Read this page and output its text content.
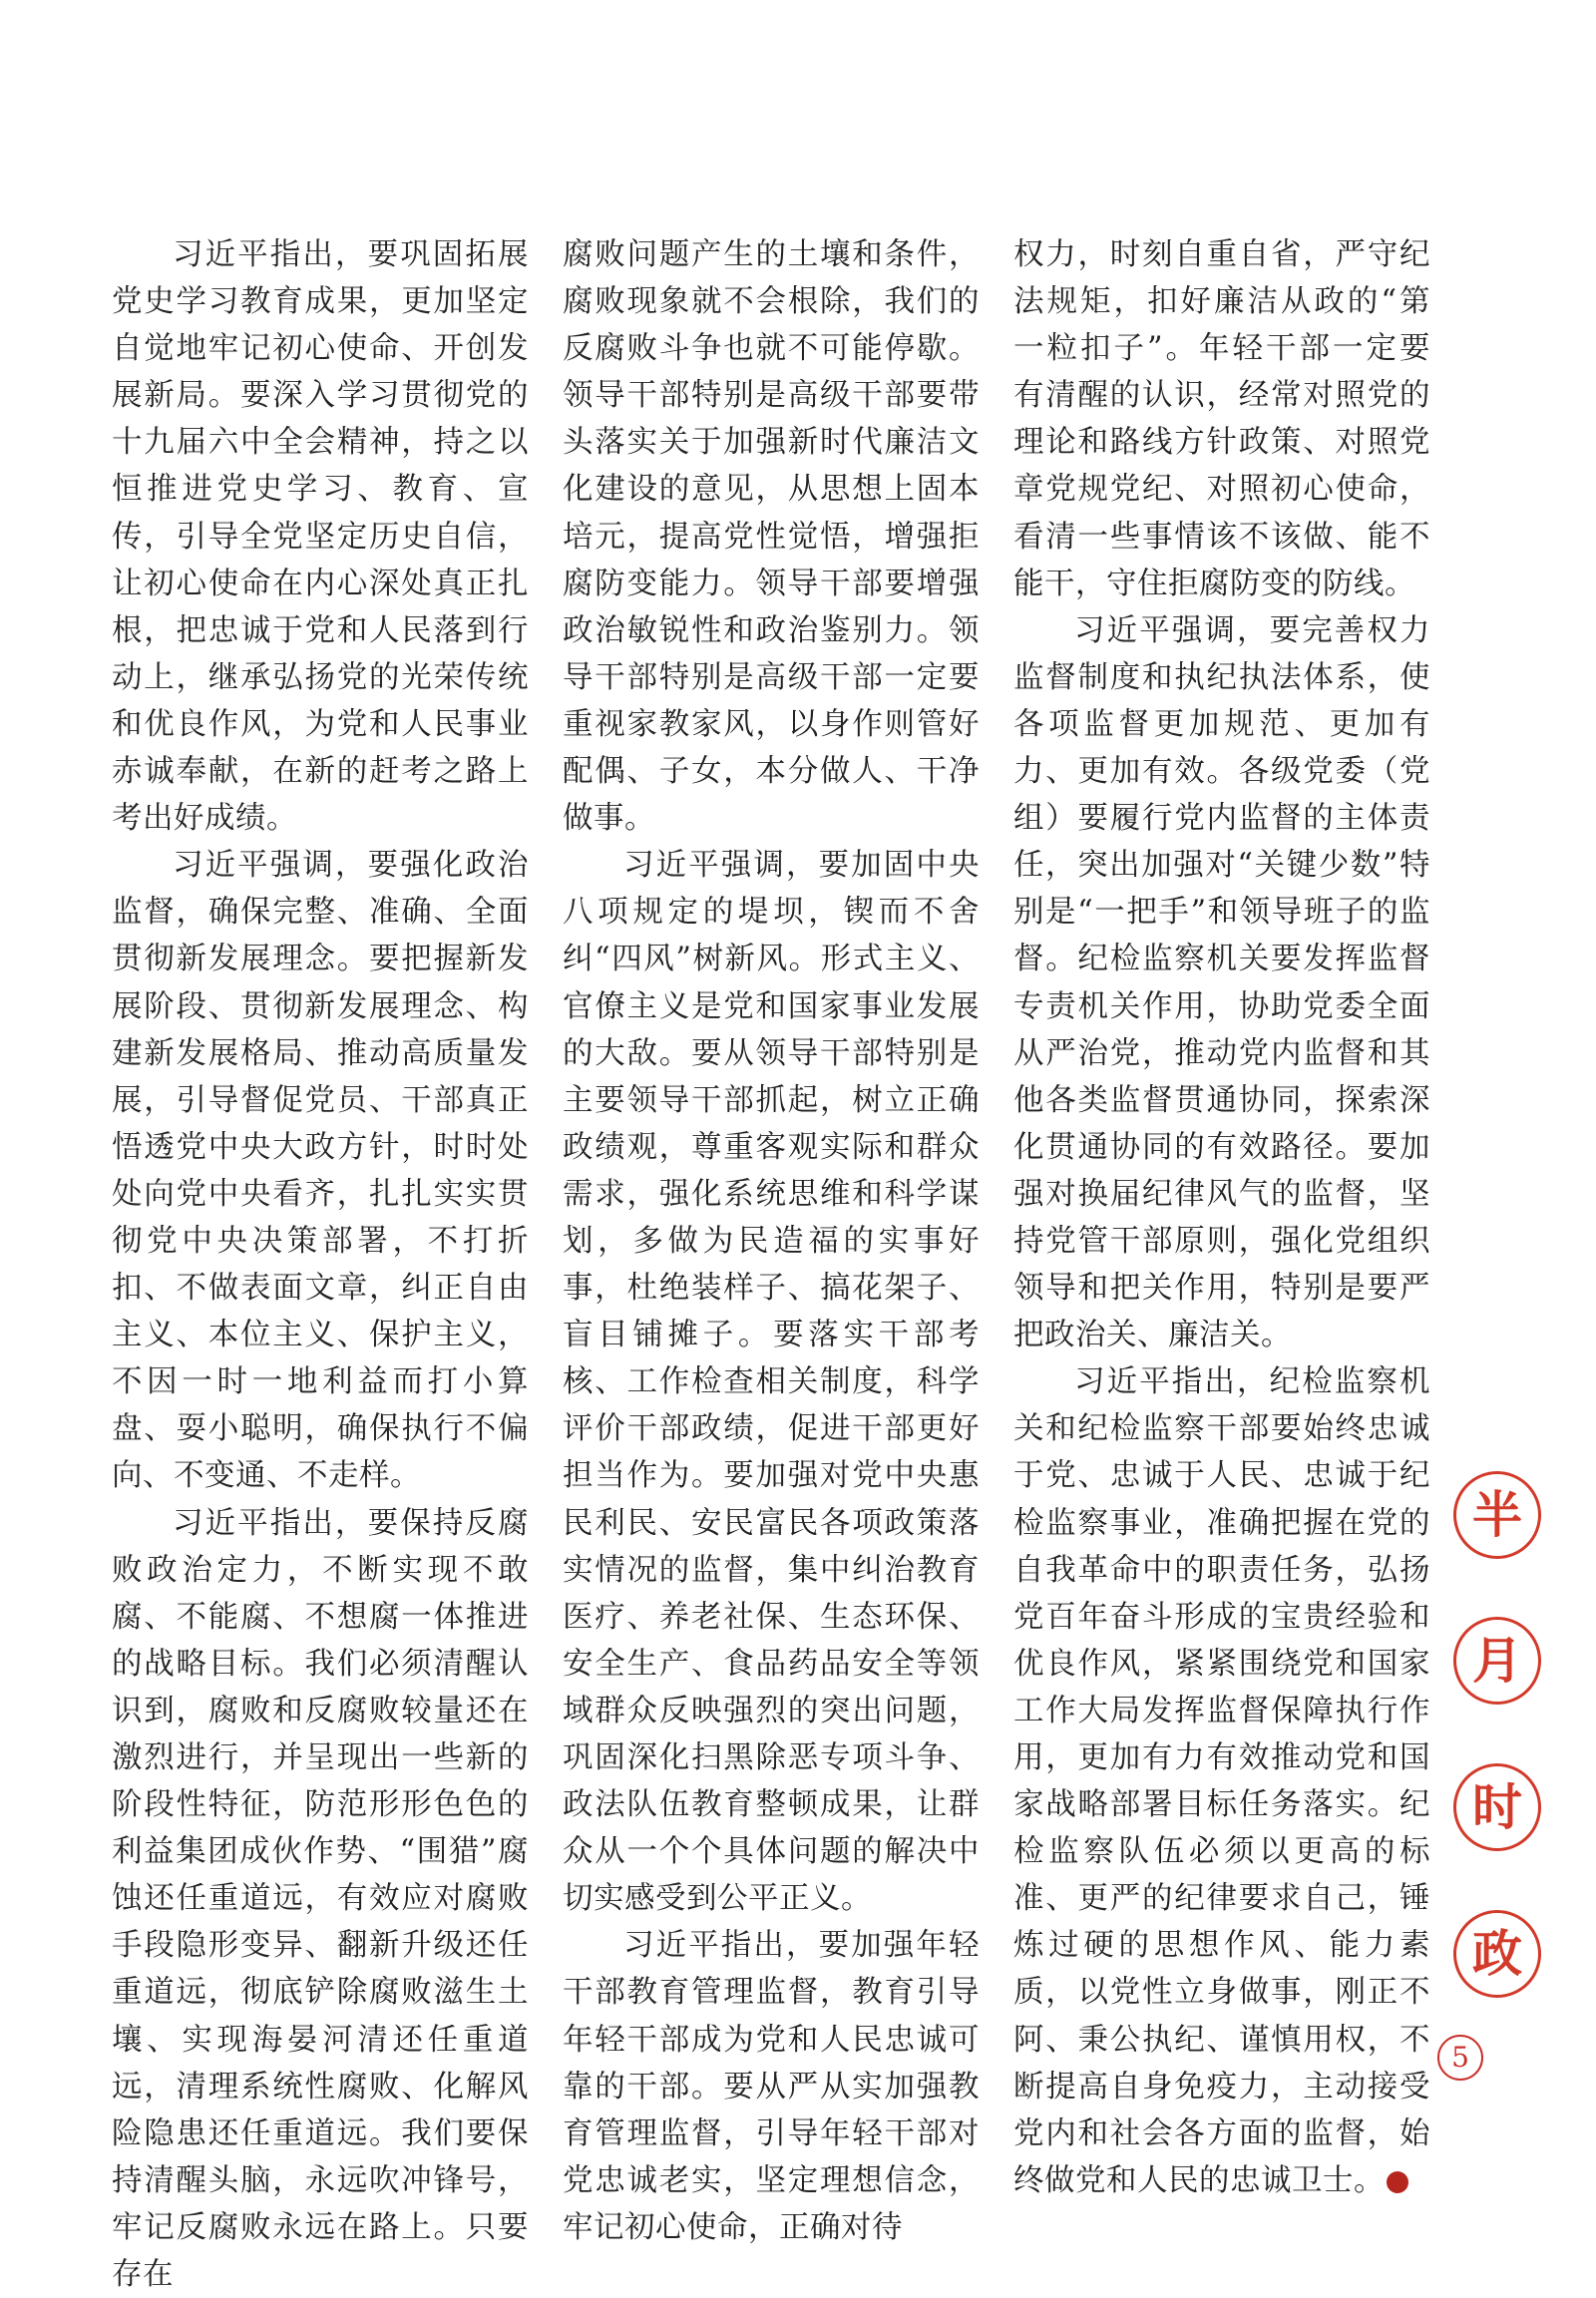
习近平指出，要巩固拓展党史学习教育成果，更加坚定自觉地牢记初心使命、开创发展新局。要深入学习贯彻党的十九届六中全会精神，持之以恒推进党史学习、教育、宣传，引导全党坚定历史自信，让初心使命在内心深处真正扎根，把忠诚于党和人民落到行动上，继承弘扬党的光荣传统和优良作风，为党和人民事业赤诚奉献，在新的赶考之路上考出好成绩。

习近平强调，要强化政治监督，确保完整、准确、全面贯彻新发展理念。要把握新发展阶段、贯彻新发展理念、构建新发展格局、推动高质量发展，引导督促党员、干部真正悟透党中央大政方针，时时处处向党中央看齐，扎扎实实贯彻党中央决策部署，不打折扣、不做表面文章，纠正自由主义、本位主义、保护主义，不因一时一地利益而打小算盘、耍小聪明，确保执行不偏向、不变通、不走样。

习近平指出，要保持反腐败政治定力，不断实现不敢腐、不能腐、不想腐一体推进的战略目标。我们必须清醒认识到，腐败和反腐败较量还在激烈进行，并呈现出一些新的阶段性特征，防范形形色色的利益集团成伙作势、“围猎”腐蚀还任重道远，有效应对腐败手段隐形变异、翻新升级还任重道远，彻底铲除腐败滋生土壤、实现海晏河清还任重道远，清理系统性腐败、化解风险隐患还任重道远。我们要保持清醒头脑，永远吹冲锋号，牢记反腐败永远在路上。只要存在

腐败问题产生的土壤和条件，腐败现象就不会根除，我们的反腐败斗争也就不可能停歇。领导干部特别是高级干部要带头落实关于加强新时代廉洁文化建设的意见，从思想上固本培元，提高党性觉悟，增强拒腐防变能力。领导干部要增强政治敏锐性和政治鉴别力。领导干部特别是高级干部一定要重视家教家风，以身作则管好配偶、子女，本分做人、干净做事。

习近平强调，要加固中央八项规定的堤坝，锲而不舍纠“四风”树新风。形式主义、官僚主义是党和国家事业发展的大敌。要从领导干部特别是主要领导干部抓起，树立正确政绩观，尊重客观实际和群众需求，强化系统思维和科学谋划，多做为民造福的实事好事，杜绝装样子、搞花架子、盲目铺摊子。要落实干部考核、工作检查相关制度，科学评价干部政绩，促进干部更好担当作为。要加强对党中央惠民利民、安民富民各项政策落实情况的监督，集中纠治教育医疗、养老社保、生态环保、安全生产、食品药品安全等领域群众反映强烈的突出问题，巩固深化扫黑除恶专项斗争、政法队伍教育整顿成果，让群众从一个个具体问题的解决中切实感受到公平正义。

习近平指出，要加强年轻干部教育管理监督，教育引导年轻干部成为党和人民忠诚可靠的干部。要从严从实加强教育管理监督，引导年轻干部对党忠诚老实，坚定理想信念，牢记初心使命，正确对待

权力，时刻自重自省，严守纪法规矩，扣好廉洁从政的“第一粒扣子”。年轻干部一定要有清醒的认识，经常对照党的理论和路线方针政策、对照党章党规党纪、对照初心使命，看清一些事情该不该做、能不能干，守住拒腐防变的防线。

习近平强调，要完善权力监督制度和执纪执法体系，使各项监督更加规范、更加有力、更加有效。各级党委（党组）要履行党内监督的主体责任，突出加强对“关键少数”特别是“一把手”和领导班子的监督。纪检监察机关要发挥监督专责机关作用，协助党委全面从严治党，推动党内监督和其他各类监督贯通协同，探索深化贯通协同的有效路径。要加强对换届纪律风气的监督，坚持党管干部原则，强化党组织领导和把关作用，特别是要严把政治关、廉洁关。

习近平指出，纪检监察机关和纪检监察干部要始终忠诚于党、忠诚于人民、忠诚于纪检监察事业，准确把握在党的自我革命中的职责任务，弘扬党百年奋斗形成的宝贵经验和优良作风，紧紧围绕党和国家工作大局发挥监督保障执行作用，更加有力有效推动党和国家战略部署目标任务落实。纪检监察队伍必须以更高的标准、更严的纪律要求自己，锤炼过硬的思想作风、能力素质，以党性立身做事，刚正不阿、秉公执纪、谨慎用权，不断提高自身免疫力，主动接受党内和社会各方面的监督，始终做党和人民的忠诚卫士。	今

半
月
时
政
5
